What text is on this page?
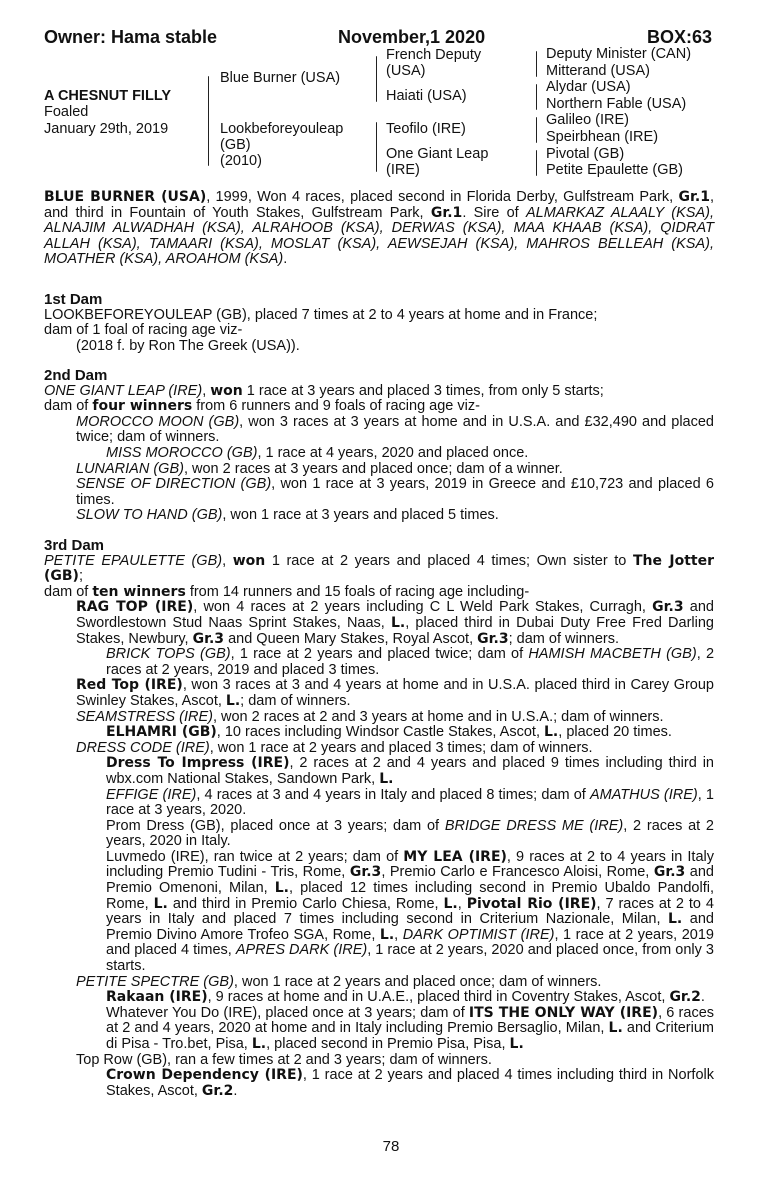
Owner: Hama stable	November,1 2020	BOX:63
A CHESNUT FILLY
Foaled
January 29th, 2019
Blue Burner (USA)
Lookbeforeyouleap
(GB)
(2010)
French Deputy
(USA)
Haiati (USA)
Teofilo (IRE)
One Giant Leap
(IRE)
Deputy Minister (CAN)
Mitterand (USA)
Alydar (USA)
Northern Fable (USA)
Galileo (IRE)
Speirbhean (IRE)
Pivotal (GB)
Petite Epaulette (GB)

BLUE BURNER (USA), 1999, Won 4 races, placed second in Florida Derby, Gulfstream Park, Gr.1, and third in Fountain of Youth Stakes, Gulfstream Park, Gr.1. Sire of ALMARKAZ ALAALY (KSA), ALNAJIM ALWADHAH (KSA), ALRAHOOB (KSA), DERWAS (KSA), MAA KHAAB (KSA), QIDRAT ALLAH (KSA), TAMAARI (KSA), MOSLAT (KSA), AEWSEJAH (KSA), MAHROS BELLEAH (KSA), MOATHER (KSA), AROAHOM (KSA).

1st Dam

LOOKBEFOREYOULEAP (GB), placed 7 times at 2 to 4 years at home and in France;

dam of 1 foal of racing age viz-

(2018 f. by Ron The Greek (USA)).

2nd Dam

ONE GIANT LEAP (IRE), won 1 race at 3 years and placed 3 times, from only 5 starts;

dam of four winners from 6 runners and 9 foals of racing age viz-

MOROCCO MOON (GB), won 3 races at 3 years at home and in U.S.A. and £32,490 and placed twice; dam of winners.

MISS MOROCCO (GB), 1 race at 4 years, 2020 and placed once.

LUNARIAN (GB), won 2 races at 3 years and placed once; dam of a winner.

SENSE OF DIRECTION (GB), won 1 race at 3 years, 2019 in Greece and £10,723 and placed 6 times.

SLOW TO HAND (GB), won 1 race at 3 years and placed 5 times.

3rd Dam

PETITE EPAULETTE (GB), won 1 race at 2 years and placed 4 times; Own sister to The Jotter (GB);

dam of ten winners from 14 runners and 15 foals of racing age including-

RAG TOP (IRE), won 4 races at 2 years including C L Weld Park Stakes, Curragh, Gr.3 and Swordlestown Stud Naas Sprint Stakes, Naas, L., placed third in Dubai Duty Free Fred Darling Stakes, Newbury, Gr.3 and Queen Mary Stakes, Royal Ascot, Gr.3; dam of winners.

BRICK TOPS (GB), 1 race at 2 years and placed twice; dam of HAMISH MACBETH (GB), 2 races at 2 years, 2019 and placed 3 times.

Red Top (IRE), won 3 races at 3 and 4 years at home and in U.S.A. placed third in Carey Group Swinley Stakes, Ascot, L.; dam of winners.

SEAMSTRESS (IRE), won 2 races at 2 and 3 years at home and in U.S.A.; dam of winners.

ELHAMRI (GB), 10 races including Windsor Castle Stakes, Ascot, L., placed 20 times.

DRESS CODE (IRE), won 1 race at 2 years and placed 3 times; dam of winners.

Dress To Impress (IRE), 2 races at 2 and 4 years and placed 9 times including third in wbx.com National Stakes, Sandown Park, L.

EFFIGE (IRE), 4 races at 3 and 4 years in Italy and placed 8 times; dam of AMATHUS (IRE), 1 race at 3 years, 2020.

Prom Dress (GB), placed once at 3 years; dam of BRIDGE DRESS ME (IRE), 2 races at 2 years, 2020 in Italy.

Luvmedo (IRE), ran twice at 2 years; dam of MY LEA (IRE), 9 races at 2 to 4 years in Italy including Premio Tudini - Tris, Rome, Gr.3, Premio Carlo e Francesco Aloisi, Rome, Gr.3 and Premio Omenoni, Milan, L., placed 12 times including second in Premio Ubaldo Pandolfi, Rome, L. and third in Premio Carlo Chiesa, Rome, L., Pivotal Rio (IRE), 7 races at 2 to 4 years in Italy and placed 7 times including second in Criterium Nazionale, Milan, L. and Premio Divino Amore Trofeo SGA, Rome, L., DARK OPTIMIST (IRE), 1 race at 2 years, 2019 and placed 4 times, APRES DARK (IRE), 1 race at 2 years, 2020 and placed once, from only 3 starts.

PETITE SPECTRE (GB), won 1 race at 2 years and placed once; dam of winners.

Rakaan (IRE), 9 races at home and in U.A.E., placed third in Coventry Stakes, Ascot, Gr.2.

Whatever You Do (IRE), placed once at 3 years; dam of ITS THE ONLY WAY (IRE), 6 races at 2 and 4 years, 2020 at home and in Italy including Premio Bersaglio, Milan, L. and Criterium di Pisa - Tro.bet, Pisa, L., placed second in Premio Pisa, Pisa, L.

Top Row (GB), ran a few times at 2 and 3 years; dam of winners.

Crown Dependency (IRE), 1 race at 2 years and placed 4 times including third in Norfolk Stakes, Ascot, Gr.2.

78
